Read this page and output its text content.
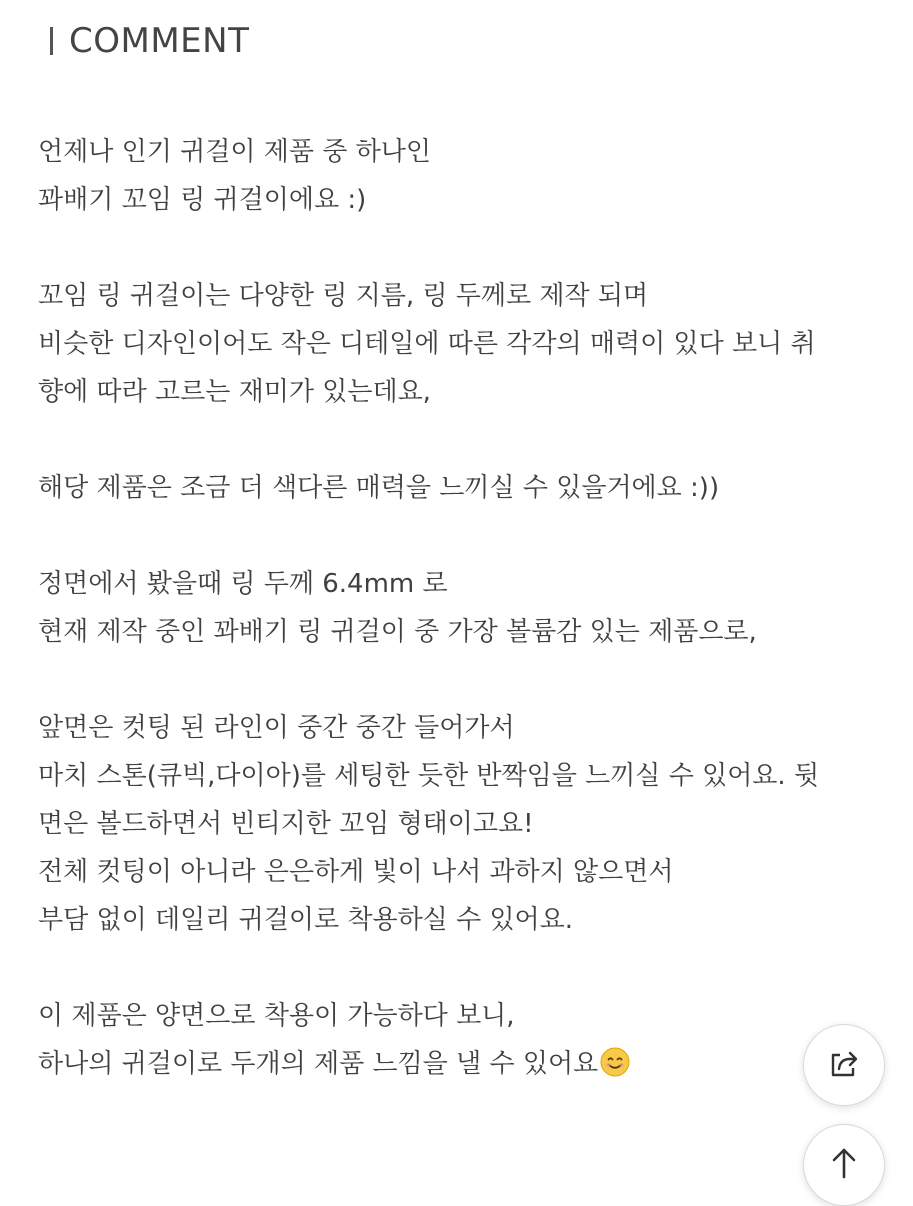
COMMENT
언제나 인기 귀걸이 제품 중 하나인
꽈배기 꼬임 링 귀걸이에요 :)
꼬임 링 귀걸이는 다양한 링 지름, 링 두께로 제작 되며
비슷한 디자인이어도 작은 디테일에 따른 각각의 매력이 있다 보니 취
향에 따라 고르는 재미가 있는데요,
해당 제품은 조금 더 색다른 매력을 느끼실 수 있을거에요 :))
정면에서 봤을때 링 두께 6.4mm 로
현재 제작 중인 꽈배기 링 귀걸이 중 가장 볼륨감 있는 제품으로,
앞면은 컷팅 된 라인이 중간 중간 들어가서
마치 스톤(큐빅,다이아)를 세팅한 듯한 반짝임을 느끼실 수 있어요. 뒷
면은 볼드하면서 빈티지한 꼬임 형태이고요!
전체 컷팅이 아니라 은은하게 빛이 나서 과하지 않으면서
부담 없이 데일리 귀걸이로 착용하실 수 있어요.
이 제품은 양면으로 착용이 가능하다 보니,
하나의 귀걸이로 두개의 제품 느낌을 낼 수 있어요
